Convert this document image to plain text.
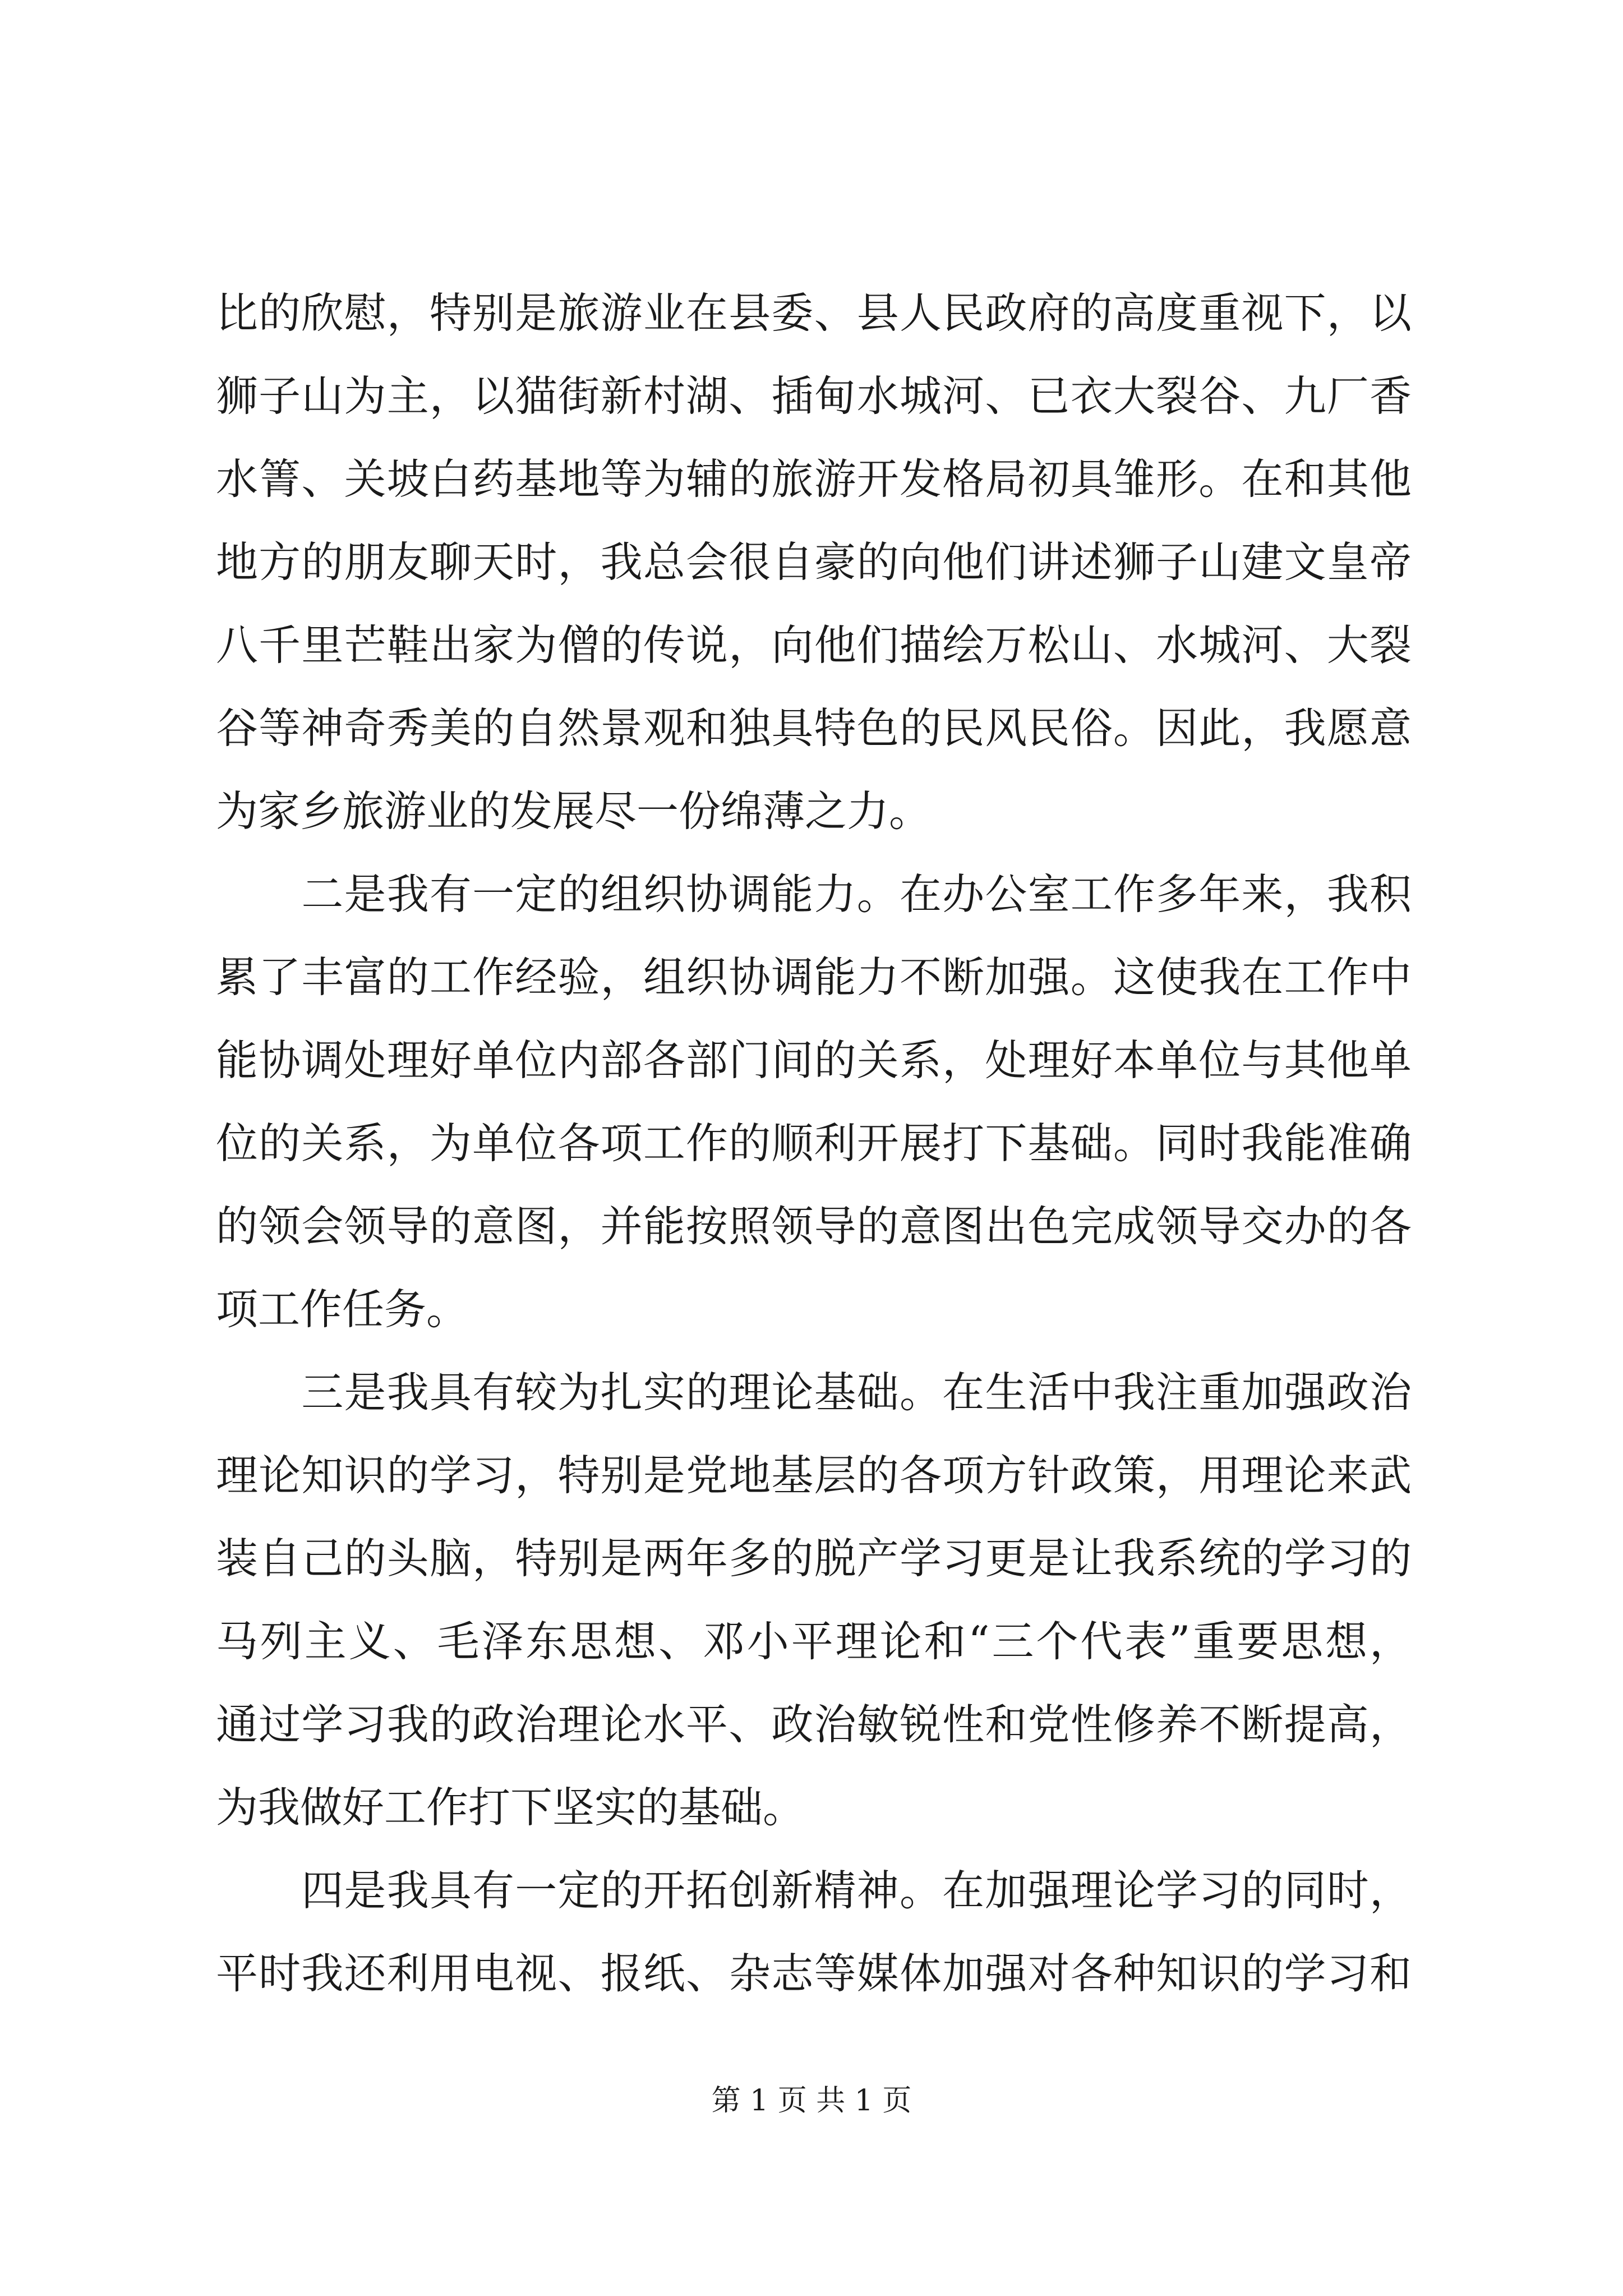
比的欣慰，特别是旅游业在县委、县人民政府的高度重视下，以
狮子山为主，以猫街新村湖、插甸水城河、已衣大裂谷、九厂香
水箐、关坡白药基地等为辅的旅游开发格局初具雏形。在和其他
地方的朋友聊天时，我总会很自豪的向他们讲述狮子山建文皇帝
八千里芒鞋出家为僧的传说，向他们描绘万松山、水城河、大裂
谷等神奇秀美的自然景观和独具特色的民风民俗。因此，我愿意
为家乡旅游业的发展尽一份绵薄之力。
　　二是我有一定的组织协调能力。在办公室工作多年来，我积
累了丰富的工作经验，组织协调能力不断加强。这使我在工作中
能协调处理好单位内部各部门间的关系，处理好本单位与其他单
位的关系，为单位各项工作的顺利开展打下基础。同时我能准确
的领会领导的意图，并能按照领导的意图出色完成领导交办的各
项工作任务。
　　三是我具有较为扎实的理论基础。在生活中我注重加强政治
理论知识的学习，特别是党地基层的各项方针政策，用理论来武
装自己的头脑，特别是两年多的脱产学习更是让我系统的学习的
马列主义、毛泽东思想、邓小平理论和“三个代表”重要思想，
通过学习我的政治理论水平、政治敏锐性和党性修养不断提高，
为我做好工作打下坚实的基础。
　　四是我具有一定的开拓创新精神。在加强理论学习的同时，
平时我还利用电视、报纸、杂志等媒体加强对各种知识的学习和
第 1 页 共 1 页
